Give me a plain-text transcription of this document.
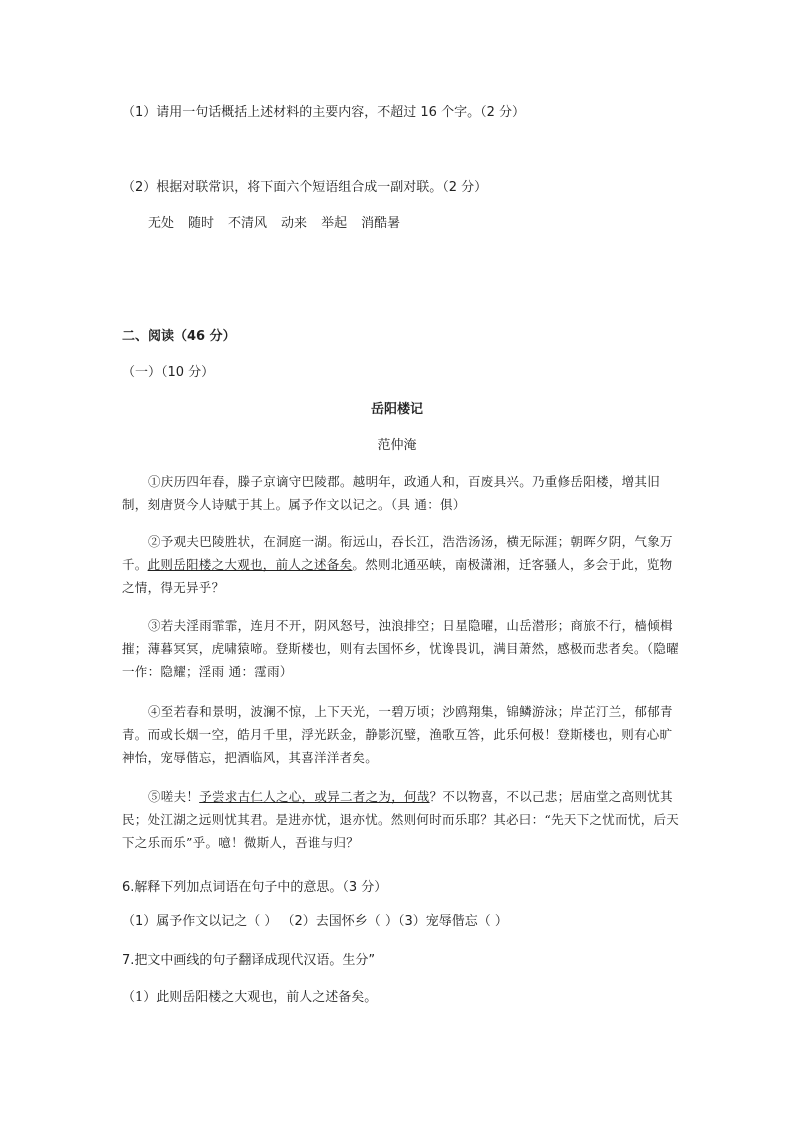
（1）请用一句话概括上述材料的主要内容，不超过 16 个字。（2 分）
（2）根据对联常识，将下面六个短语组合成一副对联。（2 分）
无处 随时 不清风 动来 举起 消酷暑
二、阅读（46 分）
（一）（10 分）
岳阳楼记
范仲淹
①庆历四年春，滕子京谪守巴陵郡。越明年，政通人和，百废具兴。乃重修岳阳楼，增其旧制，刻唐贤今人诗赋于其上。属予作文以记之。（具 通：俱）
②予观夫巴陵胜状，在洞庭一湖。衔远山，吞长江，浩浩汤汤，横无际涯；朝晖夕阴，气象万千。此则岳阳楼之大观也，前人之述备矣。然则北通巫峡，南极潇湘，迁客骚人，多会于此，览物之情，得无异乎？
③若夫淫雨霏霏，连月不开，阴风怒号，浊浪排空；日星隐曜，山岳潜形；商旅不行，樯倾楫摧；薄暮冥冥，虎啸猿啼。登斯楼也，则有去国怀乡，忧谗畏讥，满目萧然，感极而悲者矣。（隐曜 一作：隐耀；淫雨 通：霪雨）
④至若春和景明，波澜不惊，上下天光，一碧万顷；沙鸥翔集，锦鳞游泳；岸芷汀兰，郁郁青青。而或长烟一空，皓月千里，浮光跃金，静影沉璧，渔歌互答，此乐何极！登斯楼也，则有心旷神怡，宠辱偕忘，把酒临风，其喜洋洋者矣。
⑤嗟夫！予尝求古仁人之心，或异二者之为，何哉？不以物喜，不以己悲；居庙堂之高则忧其民；处江湖之远则忧其君。是进亦忧，退亦忧。然则何时而乐耶？其必曰：“先天下之忧而忧，后天下之乐而乐”乎。噫！微斯人，吾谁与归？
6.解释下列加点词语在句子中的意思。（3 分）
（1）属予作文以记之（ ） （2）去国怀乡（ ）（3）宠辱偕忘（ ）
7.把文中画线的句子翻译成现代汉语。生分”
（1）此则岳阳楼之大观也，前人之述备矣。
